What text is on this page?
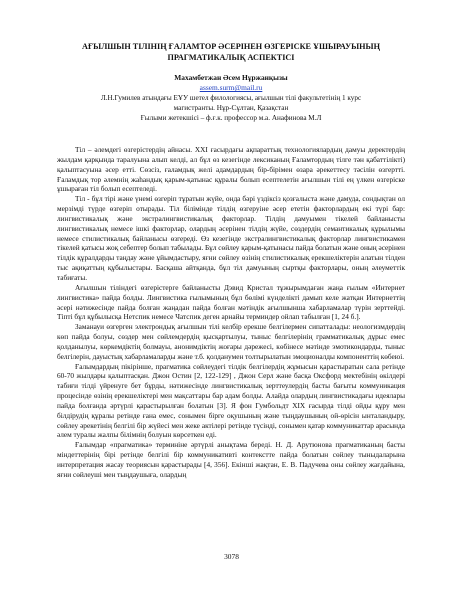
АҒЫЛШЫН ТІЛІНІҢ ҒАЛАМТОР ӘСЕРІНЕН ӨЗГЕРІСКЕ ҰШЫРАУЫНЫҢ
ПРАГМАТИКАЛЫҚ АСПЕКТІСІ
Махамбетжан Әсем Нұржанқызы
assem.surm@mail.ru
Л.Н.Гумилев атындағы ЕҰУ шетел филологиясы, ағылшын тілі факультетінің 1 курс
магистранты. Нұр-Сұлтан, Қазақстан
Ғылыми жетекшісі – ф.ғ.к. профессор м.а. Анафинова М.Л

Тіл – әлемдегі өзгерістердің айнасы. XXI ғасырдағы ақпараттық технологиялардың дамуы деректердің жылдам қарқында таралуына алып келді, ал бұл өз кезегінде лексиканың Ғаламтордың тілге тән қабаттілікті) қалыптасуына әсер етті. Сөзсіз, ғаламдық желі адамдардың бір-бірімен өзара әрекеттесу тәсілін өзгертті. Ғаламдық тор әлемнің жаһандық қарым-қатынас құралы болып есептелетін ағылшын тілі ең үлкен өзгеріске ұшыраған тіл болып есептеледі.

Тіл - бұл тірі және үнемі өзгеріп тұратын жүйе, онда бәрі үздіксіз қозғалыста және дамуда, сондықтан ол мерзімді түрде өзгеріп отырады. Тіл білімінде тілдің өзгеруіне әсер ететін факторлардың екі түрі бар: лингвистикалық және экстралингвистикалық факторлар. Тілдің дамуымен тікелей байланысты лингвистикалық немесе ішкі факторлар, олардың әсерінен тілдің жүйе, сөздердің семантикалық құрылымы немесе стилистикалық байланысы өзгереді. Өз кезегінде экстралингвистикалық факторлар лингвистикамен тікелей қатысы жоқ себептер болып табылады. Бұл сөйлеу қарым-қатынасы пайда болатын және оның әсерінен тілдік құралдарды таңдау және ұйымдастыру, яғни сөйлеу өзінің стилистикалық ерекшеліктерін алатын тілден тыс ақиқаттың құбылыстары. Басқаша айтқанда, бұл тіл дамуының сыртқы факторлары, оның әлеуметтік табиғаты.

Ағылшын тіліндегі өзгерістерге байланысты Дэвид Кристал тұжырымдаған жаңа ғылым «Интернет лингвистика» пайда болды. Лингвистика ғылымының бұл бөлімі күнделікті дамып келе жатқан Интернеттің әсері нәтижесінде пайда болған жаңадан пайда болған мәтіндік ағылшынша хабарламалар түрін зерттейді. Тіпті бұл құбылысқа Нетспик немесе Чатспик деген арнайы терминдер ойлап табылған [1, 24 б.].

Заманауи өзгерген электрондық ағылшын тілі келбір ерекше белгілермен сипатталады: неологизмдердің көп пайда болуы, сөздер мен сөйлемдердің қысқартылуы, тыныс белгілерінің грамматикалық дұрыс емес қолданылуы, көркемдіктің болмауы, анонимдіктің жоғары дәрежесі, көбінесе мәтінде эмотикондарды, тыныс белгілерін, дауыстық хабарламаларды және т.б. қолданумен толтырылатын эмоционалды компоненттің көбеюі.

Ғалымдардың пікірінше, прагматика сөйлеудегі тілдік белгілердің жұмысын қарастыратын сала ретінде 60-70 жылдары қалыптасқан. Джон Остин [2, 122-129] , Джон Серл және басқа Оксфорд мектебінің өкілдері табиғи тілді үйренуге бет бұрды, нәтижесінде лингвистикалық зерттеулердің басты бағыты коммуникация процесінде өзінің ерекшеліктері мен мақсаттары бар адам болды. Алайда олардың лингвистикадағы идеялары пайда болғанда әртүрлі қарастырылған болатын [3]. Я фон Гумбольдт XIX ғасырда тілді ойды құру мен білдірудің құралы ретінде ғана емес, сонымен бірге оқушының және тыңдаушының ой-өрісін ынталандыру, сөйлеу әрекетінің белгілі бір жүйесі мен жеке актілері ретінде түсінді, сонымен қатар коммуникаттар арасында әлем туралы жалпы білімнің болуын көрсеткен еді.

Ғалымдар «прагматика» терминіне әртүрлі анықтама береді. Н. Д. Арутюнова прагматиканың басты міндеттерінің бірі ретінде белгілі бір коммуникативті контекстте пайда болатын сөйлеу тыныдаларына интерпретация жасау теориясын қарастырады [4, 356]. Екінші жақтан, Е. В. Падучева оны сөйлеу жағдайына, яғни сөйлеуші мен тыңдаушыға, олардың

3078
